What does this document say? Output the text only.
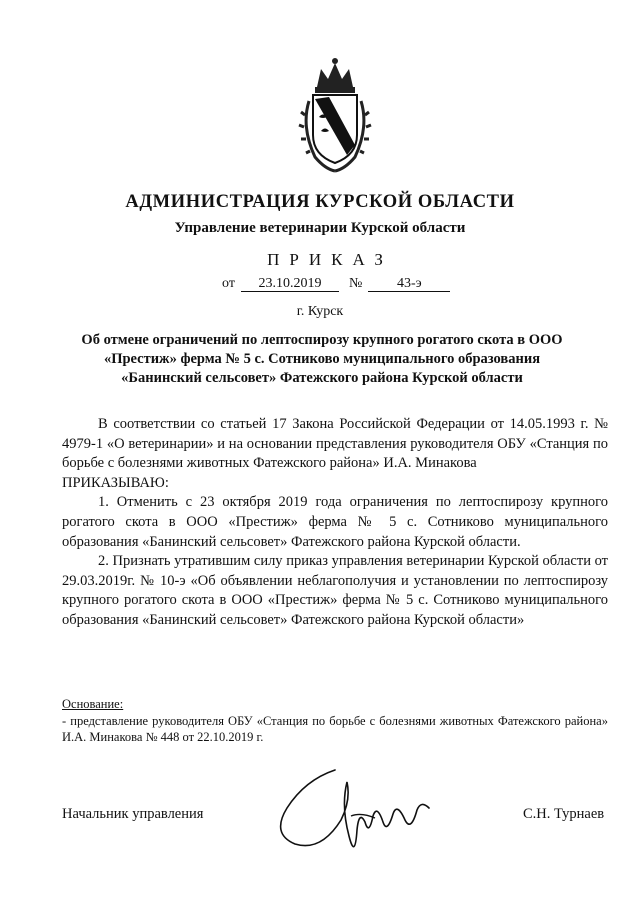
АДМИНИСТРАЦИЯ КУРСКОЙ ОБЛАСТИ
Управление ветеринарии Курской области
ПРИКАЗ
от 23.10.2019 № 43-э
г. Курск
Об отмене ограничений по лептоспирозу крупного рогатого скота в ООО «Престиж» ферма № 5 с. Сотниково муниципального образования «Банинский сельсовет» Фатежского района Курской области

В соответствии со статьей 17 Закона Российской Федерации от 14.05.1993 г. № 4979-1 «О ветеринарии» и на основании представления руководителя ОБУ «Станция по борьбе с болезнями животных Фатежского района» И.А. Минакова

ПРИКАЗЫВАЮ:

1. Отменить с 23 октября 2019 года ограничения по лептоспирозу крупного рогатого скота в ООО «Престиж» ферма № 5 с. Сотниково муниципального образования «Банинский сельсовет» Фатежского района Курской области.

2. Признать утратившим силу приказ управления ветеринарии Курской области от 29.03.2019г. № 10-э «Об объявлении неблагополучия и установлении по лептоспирозу крупного рогатого скота в ООО «Престиж» ферма № 5 с. Сотниково муниципального образования «Банинский сельсовет» Фатежского района Курской области»

Основание:
- представление руководителя ОБУ «Станция по борьбе с болезнями животных Фатежского района» И.А. Минакова № 448 от 22.10.2019 г.
Начальник управления	С.Н. Турнаев
